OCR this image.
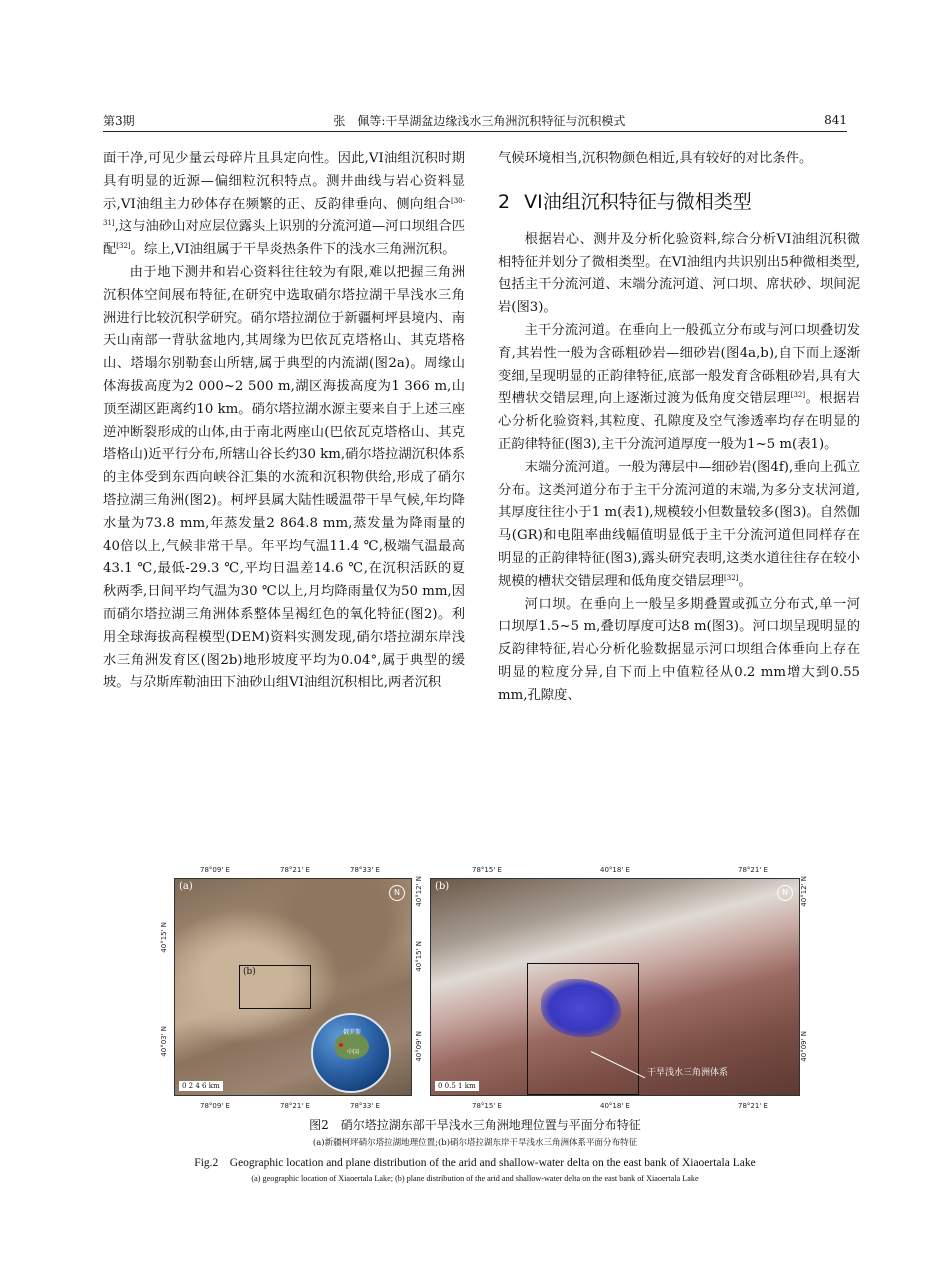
第3期	张　佩等:干旱湖盆边缘浅水三角洲沉积特征与沉积模式	841

面干净,可见少量云母碎片且具定向性。因此,VI油组沉积时期具有明显的近源—偏细粒沉积特点。测井曲线与岩心资料显示,VI油组主力砂体存在频繁的正、反韵律垂向、侧向组合[30-31],这与油砂山对应层位露头上识别的分流河道—河口坝组合匹配[32]。综上,VI油组属于干旱炎热条件下的浅水三角洲沉积。

由于地下测井和岩心资料往往较为有限,难以把握三角洲沉积体空间展布特征,在研究中选取硝尔塔拉湖干旱浅水三角洲进行比较沉积学研究。硝尔塔拉湖位于新疆柯坪县境内、南天山南部一背驮盆地内,其周缘为巴依瓦克塔格山、其克塔格山、塔塌尔别勒套山所辖,属于典型的内流湖(图2a)。周缘山体海拔高度为2 000~2 500 m,湖区海拔高度为1 366 m,山顶至湖区距离约10 km。硝尔塔拉湖水源主要来自于上述三座逆冲断裂形成的山体,由于南北两座山(巴依瓦克塔格山、其克塔格山)近平行分布,所辖山谷长约30 km,硝尔塔拉湖沉积体系的主体受到东西向峡谷汇集的水流和沉积物供给,形成了硝尔塔拉湖三角洲(图2)。柯坪县属大陆性暖温带干旱气候,年均降水量为73.8 mm,年蒸发量2 864.8 mm,蒸发量为降雨量的40倍以上,气候非常干旱。年平均气温11.4 ℃,极端气温最高43.1 ℃,最低-29.3 ℃,平均日温差14.6 ℃,在沉积活跃的夏秋两季,日间平均气温为30 ℃以上,月均降雨量仅为50 mm,因而硝尔塔拉湖三角洲体系整体呈褐红色的氧化特征(图2)。利用全球海拔高程模型(DEM)资料实测发现,硝尔塔拉湖东岸浅水三角洲发育区(图2b)地形坡度平均为0.04°,属于典型的缓坡。与尕斯库勒油田下油砂山组VI油组沉积相比,两者沉积

气候环境相当,沉积物颜色相近,具有较好的对比条件。

2 VI油组沉积特征与微相类型

根据岩心、测井及分析化验资料,综合分析VI油组沉积微相特征并划分了微相类型。在VI油组内共识别出5种微相类型,包括主干分流河道、末端分流河道、河口坝、席状砂、坝间泥岩(图3)。

主干分流河道。在垂向上一般孤立分布或与河口坝叠切发育,其岩性一般为含砾粗砂岩—细砂岩(图4a,b),自下而上逐渐变细,呈现明显的正韵律特征,底部一般发育含砾粗砂岩,具有大型槽状交错层理,向上逐渐过渡为低角度交错层理[32]。根据岩心分析化验资料,其粒度、孔隙度及空气渗透率均存在明显的正韵律特征(图3),主干分流河道厚度一般为1~5 m(表1)。

末端分流河道。一般为薄层中—细砂岩(图4f),垂向上孤立分布。这类河道分布于主干分流河道的末端,为多分支状河道,其厚度往往小于1 m(表1),规模较小但数量较多(图3)。自然伽马(GR)和电阻率曲线幅值明显低于主干分流河道但同样存在明显的正韵律特征(图3),露头研究表明,这类水道往往存在较小规模的槽状交错层理和低角度交错层理[32]。

河口坝。在垂向上一般呈多期叠置或孤立分布式,单一河口坝厚1.5~5 m,叠切厚度可达8 m(图3)。河口坝呈现明显的反韵律特征,岩心分析化验数据显示河口坝组合体垂向上存在明显的粒度分异,自下而上中值粒径从0.2 mm增大到0.55 mm,孔隙度、

78°09' E	78°21' E	78°33' E
78°09' E	78°21' E	78°33' E
40°15' N
40°03' N
(a)
N
(b)
俄罗斯
中国
0 2 4 6 km
78°15' E	40°18' E	78°21' E
78°15' E	40°18' E	78°21' E
40°12' N
40°15' N
40°09' N
40°12' N
40°09' N
(b)
N
干旱浅水三角洲体系
0 0.5 1 km
图2　硝尔塔拉湖东部干旱浅水三角洲地理位置与平面分布特征
(a)新疆柯坪硝尔塔拉湖地理位置;(b)硝尔塔拉湖东岸干旱浅水三角洲体系平面分布特征
Fig.2　Geographic location and plane distribution of the arid and shallow-water delta on the east bank of Xiaoertala Lake
(a) geographic location of Xiaoertala Lake; (b) plane distribution of the arid and shallow-water delta on the east bank of Xiaoertala Lake
